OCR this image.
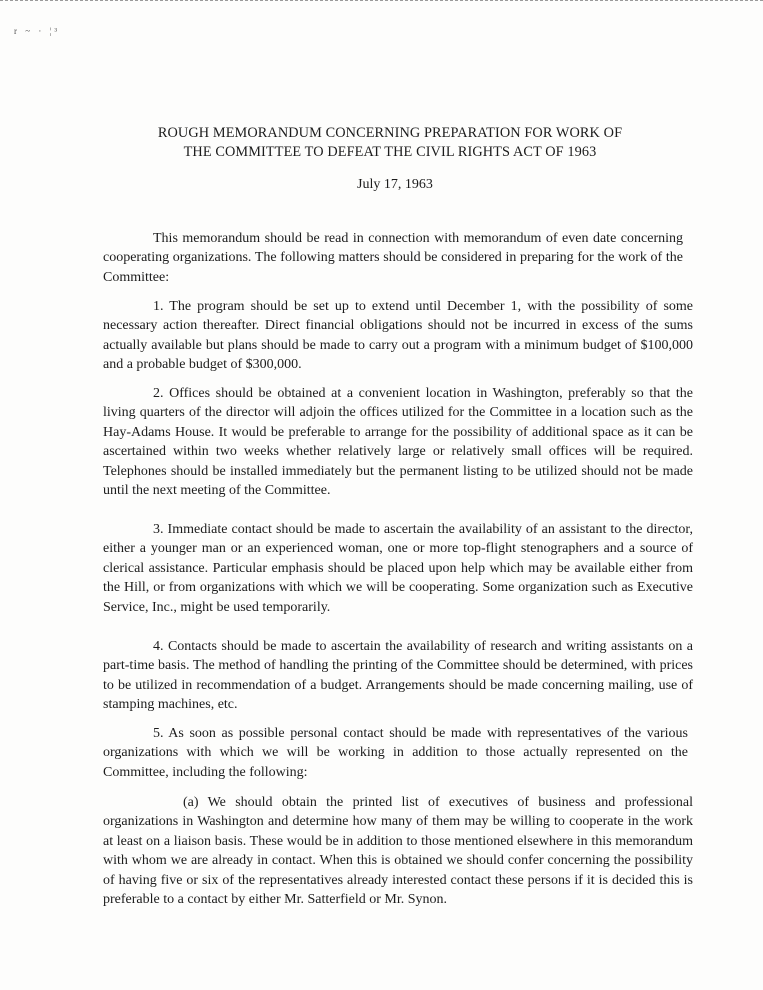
r ~ · ¦³
ROUGH MEMORANDUM CONCERNING PREPARATION FOR WORK OF
THE COMMITTEE TO DEFEAT THE CIVIL RIGHTS ACT OF 1963
July 17, 1963

This memorandum should be read in connection with memorandum of even date concerning cooperating organizations. The following matters should be considered in preparing for the work of the Committee:

1. The program should be set up to extend until December 1, with the possibility of some necessary action thereafter. Direct financial obligations should not be incurred in excess of the sums actually available but plans should be made to carry out a program with a minimum budget of $100,000 and a probable budget of $300,000.

2. Offices should be obtained at a convenient location in Washington, preferably so that the living quarters of the director will adjoin the offices utilized for the Committee in a location such as the Hay-Adams House. It would be preferable to arrange for the possibility of additional space as it can be ascertained within two weeks whether relatively large or relatively small offices will be required. Telephones should be installed immediately but the permanent listing to be utilized should not be made until the next meeting of the Committee.

3. Immediate contact should be made to ascertain the availability of an assistant to the director, either a younger man or an experienced woman, one or more top-flight stenographers and a source of clerical assistance. Particular emphasis should be placed upon help which may be available either from the Hill, or from organizations with which we will be cooperating. Some organization such as Executive Service, Inc., might be used temporarily.

4. Contacts should be made to ascertain the availability of research and writing assistants on a part-time basis. The method of handling the printing of the Committee should be determined, with prices to be utilized in recommendation of a budget. Arrangements should be made concerning mailing, use of stamping machines, etc.

5. As soon as possible personal contact should be made with representatives of the various organizations with which we will be working in addition to those actually represented on the Committee, including the following:

(a) We should obtain the printed list of executives of business and professional organizations in Washington and determine how many of them may be willing to cooperate in the work at least on a liaison basis. These would be in addition to those mentioned elsewhere in this memorandum with whom we are already in contact. When this is obtained we should confer concerning the possibility of having five or six of the representatives already interested contact these persons if it is decided this is preferable to a contact by either Mr. Satterfield or Mr. Synon.
